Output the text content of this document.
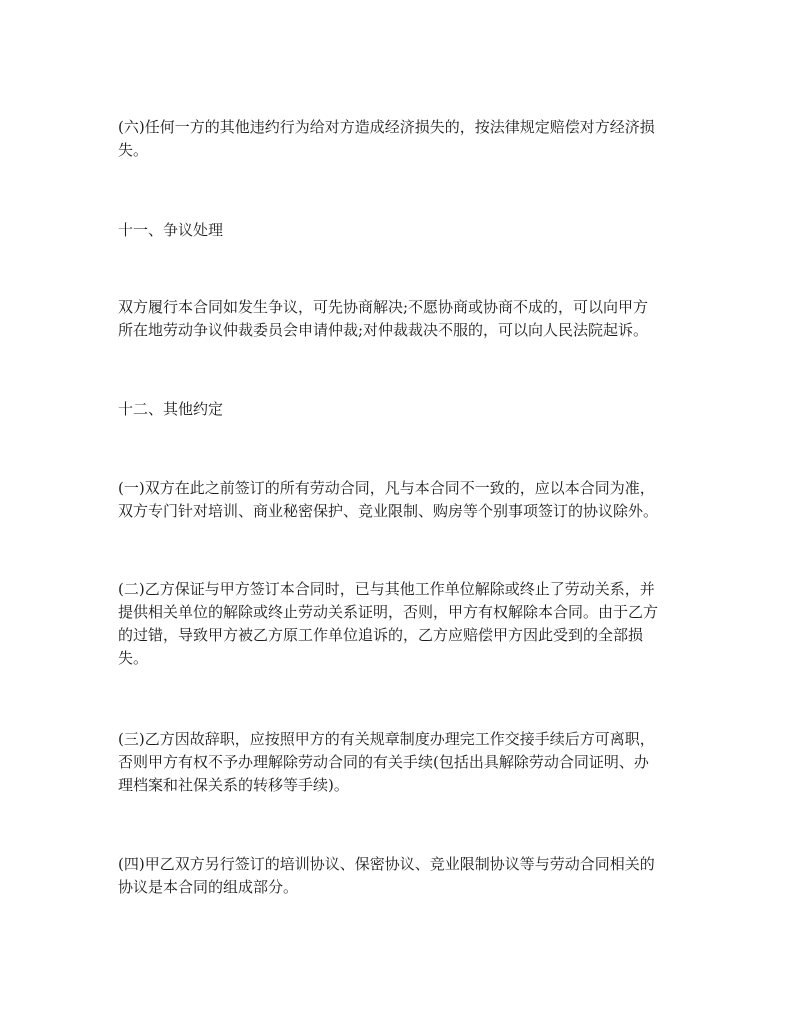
(六)任何一方的其他违约行为给对方造成经济损失的，按法律规定赔偿对方经济损
失。
十一、争议处理
双方履行本合同如发生争议，可先协商解决;不愿协商或协商不成的，可以向甲方
所在地劳动争议仲裁委员会申请仲裁;对仲裁裁决不服的，可以向人民法院起诉。
十二、其他约定
(一)双方在此之前签订的所有劳动合同，凡与本合同不一致的，应以本合同为准，
双方专门针对培训、商业秘密保护、竞业限制、购房等个别事项签订的协议除外。
(二)乙方保证与甲方签订本合同时，已与其他工作单位解除或终止了劳动关系，并
提供相关单位的解除或终止劳动关系证明，否则，甲方有权解除本合同。由于乙方
的过错，导致甲方被乙方原工作单位追诉的，乙方应赔偿甲方因此受到的全部损
失。
(三)乙方因故辞职，应按照甲方的有关规章制度办理完工作交接手续后方可离职，
否则甲方有权不予办理解除劳动合同的有关手续(包括出具解除劳动合同证明、办
理档案和社保关系的转移等手续)。
(四)甲乙双方另行签订的培训协议、保密协议、竞业限制协议等与劳动合同相关的
协议是本合同的组成部分。
